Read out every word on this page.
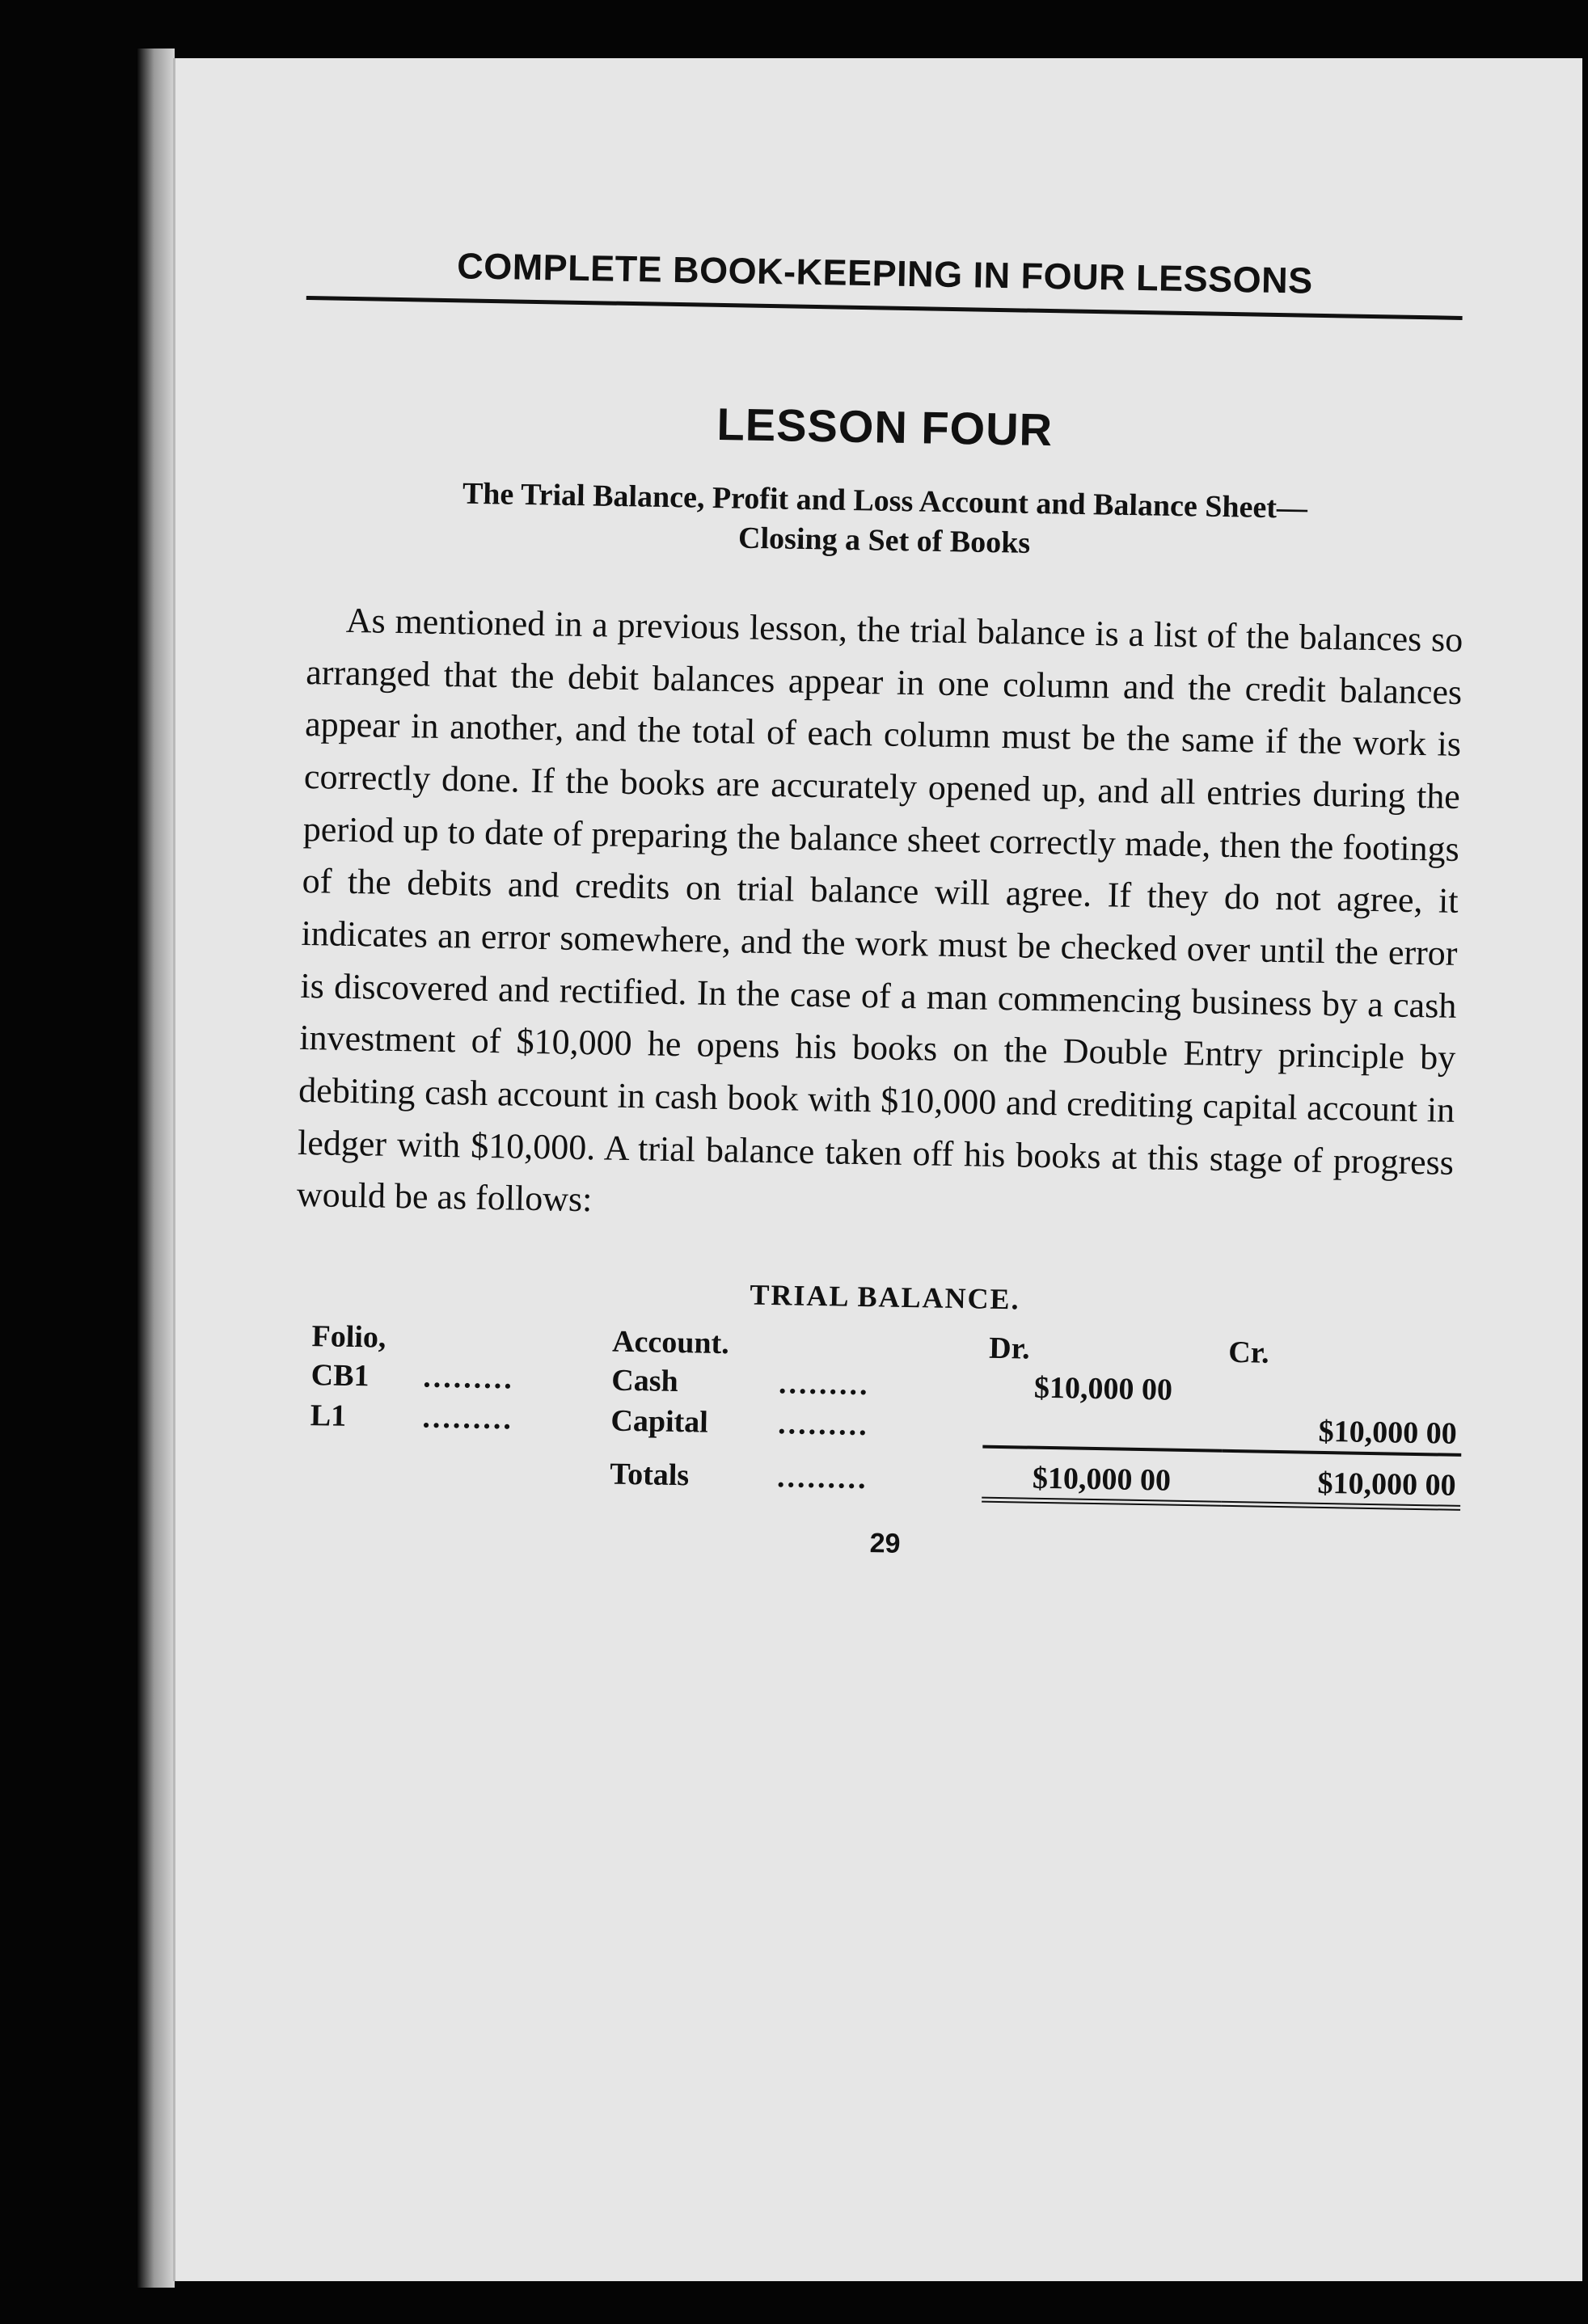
COMPLETE BOOK-KEEPING IN FOUR LESSONS
LESSON FOUR
The Trial Balance, Profit and Loss Account and Balance Sheet—Closing a Set of Books

As mentioned in a previous lesson, the trial balance is a list of the balances so arranged that the debit balances appear in one column and the credit balances appear in another, and the total of each column must be the same if the work is correctly done. If the books are accurately opened up, and all entries during the period up to date of preparing the balance sheet correctly made, then the footings of the debits and credits on trial balance will agree. If they do not agree, it indicates an error somewhere, and the work must be checked over until the error is discovered and rectified. In the case of a man commencing business by a cash investment of $10,000 he opens his books on the Double Entry principle by debiting cash account in cash book with $10,000 and crediting capital account in ledger with $10,000. A trial balance taken off his books at this stage of progress would be as follows:

TRIAL BALANCE.
Folio,		Account.		Dr.	Cr.
CB1	.........	Cash	.........	$10,000 00	
L1	.........	Capital	.........		$10,000 00
		Totals	.........	$10,000 00	$10,000 00
29
